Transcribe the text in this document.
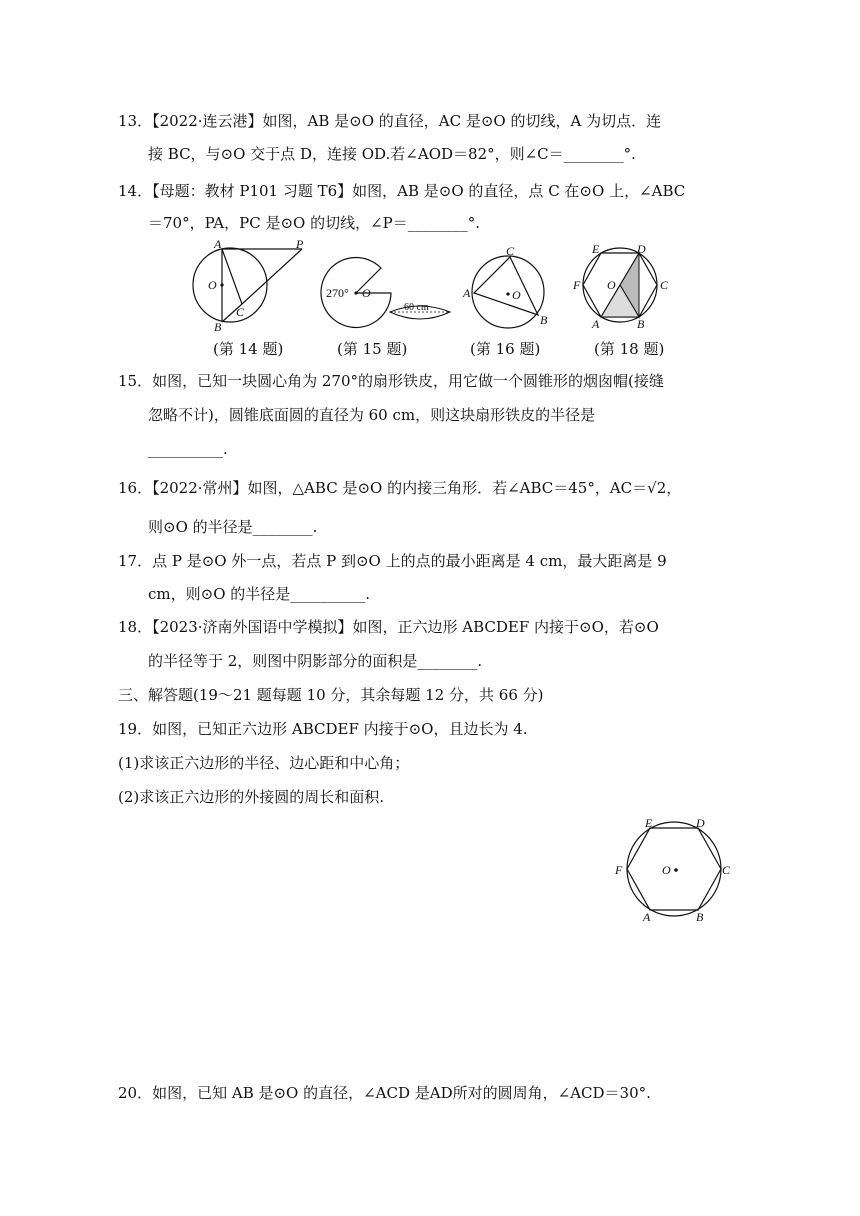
13．【2022·连云港】如图，AB 是⊙O 的直径，AC 是⊙O 的切线，A 为切点．连
接 BC，与⊙O 交于点 D，连接 OD.若∠AOD＝82°，则∠C＝________°.
14．【母题：教材 P101 习题 T6】如图，AB 是⊙O 的直径，点 C 在⊙O 上，∠ABC
＝70°，PA，PC 是⊙O 的切线，∠P＝________°.
A	P
O
B
C
270° O
60 cm
C
A	O
B
E	D
F O	C
A	B
(第 14 题)	(第 15 题)	(第 16 题)	(第 18 题)
15．如图，已知一块圆心角为 270°的扇形铁皮，用它做一个圆锥形的烟囱帽(接缝
忽略不计)，圆锥底面圆的直径为 60 cm，则这块扇形铁皮的半径是
__________.
16．【2022·常州】如图，△ABC 是⊙O 的内接三角形．若∠ABC＝45°，AC＝√2，
则⊙O 的半径是________.
17．点 P 是⊙O 外一点，若点 P 到⊙O 上的点的最小距离是 4 cm，最大距离是 9
cm，则⊙O 的半径是__________.
18．【2023·济南外国语中学模拟】如图，正六边形 ABCDEF 内接于⊙O，若⊙O
的半径等于 2，则图中阴影部分的面积是________.
三、解答题(19～21 题每题 10 分，其余每题 12 分，共 66 分)
19．如图，已知正六边形 ABCDEF 内接于⊙O，且边长为 4.
(1)求该正六边形的半径、边心距和中心角；
(2)求该正六边形的外接圆的周长和面积.
E	D
F	O	C
A	B
20．如图，已知 AB 是⊙O 的直径，∠ACD 是AD所对的圆周角，∠ACD＝30°.
